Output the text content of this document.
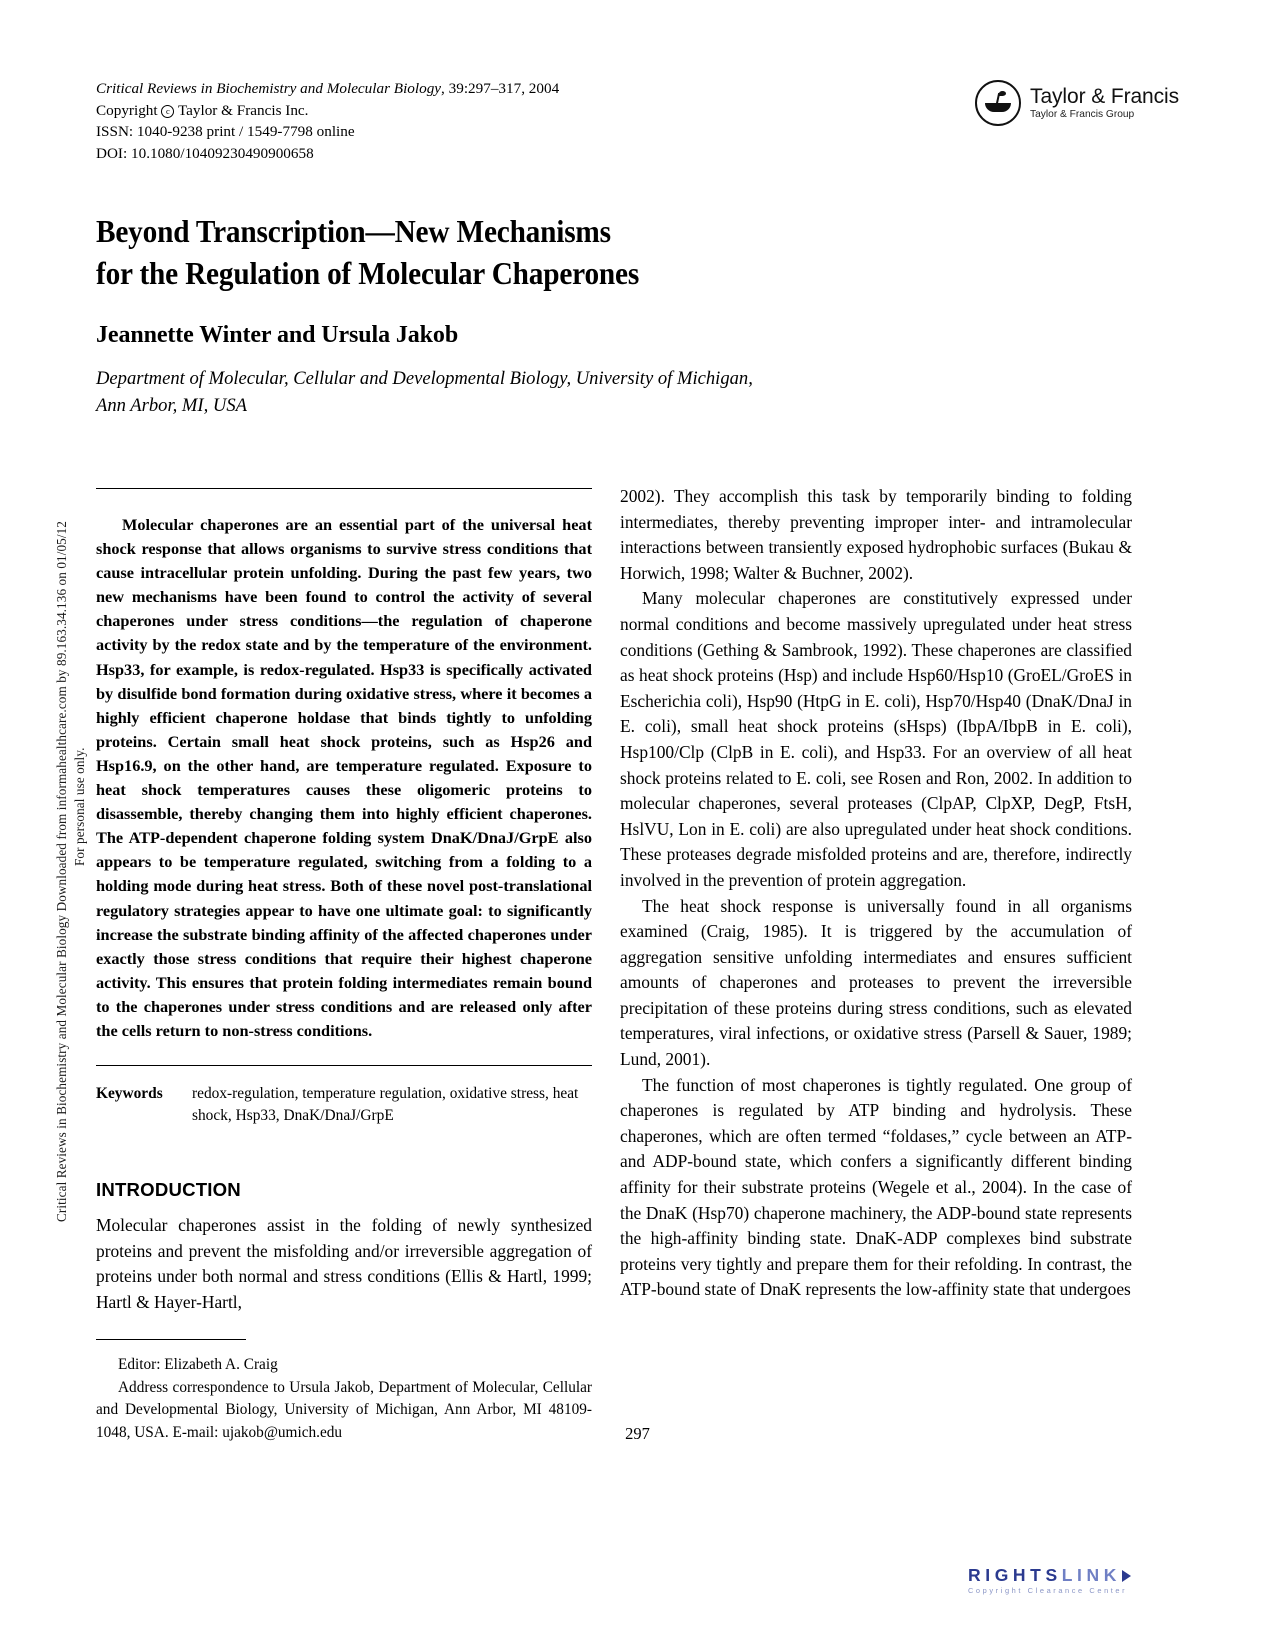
Critical Reviews in Biochemistry and Molecular Biology Downloaded from informahealthcare.com by 89.163.34.136 on 01/05/12 For personal use only.
Critical Reviews in Biochemistry and Molecular Biology, 39:297–317, 2004
Copyright c Taylor & Francis Inc.
ISSN: 1040-9238 print / 1549-7798 online
DOI: 10.1080/10409230490900658
Taylor & Francis
Taylor & Francis Group
Beyond Transcription—New Mechanisms
for the Regulation of Molecular Chaperones
Jeannette Winter and Ursula Jakob
Department of Molecular, Cellular and Developmental Biology, University of Michigan,
Ann Arbor, MI, USA

Molecular chaperones are an essential part of the universal heat shock response that allows organisms to survive stress conditions that cause intracellular protein unfolding. During the past few years, two new mechanisms have been found to control the activity of several chaperones under stress conditions—the regulation of chaperone activity by the redox state and by the temperature of the environment. Hsp33, for example, is redox-regulated. Hsp33 is specifically activated by disulfide bond formation during oxidative stress, where it becomes a highly efficient chaperone holdase that binds tightly to unfolding proteins. Certain small heat shock proteins, such as Hsp26 and Hsp16.9, on the other hand, are temperature regulated. Exposure to heat shock temperatures causes these oligomeric proteins to disassemble, thereby changing them into highly efficient chaperones. The ATP-dependent chaperone folding system DnaK/DnaJ/GrpE also appears to be temperature regulated, switching from a folding to a holding mode during heat stress. Both of these novel post-translational regulatory strategies appear to have one ultimate goal: to significantly increase the substrate binding affinity of the affected chaperones under exactly those stress conditions that require their highest chaperone activity. This ensures that protein folding intermediates remain bound to the chaperones under stress conditions and are released only after the cells return to non-stress conditions.

Keywords	redox-regulation, temperature regulation, oxidative stress, heat shock, Hsp33, DnaK/DnaJ/GrpE
INTRODUCTION

Molecular chaperones assist in the folding of newly synthesized proteins and prevent the misfolding and/or irreversible aggregation of proteins under both normal and stress conditions (Ellis & Hartl, 1999; Hartl & Hayer-Hartl,

Editor: Elizabeth A. Craig
Address correspondence to Ursula Jakob, Department of Molecular, Cellular and Developmental Biology, University of Michigan, Ann Arbor, MI 48109-1048, USA. E-mail: ujakob@umich.edu

2002). They accomplish this task by temporarily binding to folding intermediates, thereby preventing improper inter- and intramolecular interactions between transiently exposed hydrophobic surfaces (Bukau & Horwich, 1998; Walter & Buchner, 2002).

Many molecular chaperones are constitutively expressed under normal conditions and become massively upregulated under heat stress conditions (Gething & Sambrook, 1992). These chaperones are classified as heat shock proteins (Hsp) and include Hsp60/Hsp10 (GroEL/GroES in Escherichia coli), Hsp90 (HtpG in E. coli), Hsp70/Hsp40 (DnaK/DnaJ in E. coli), small heat shock proteins (sHsps) (IbpA/IbpB in E. coli), Hsp100/Clp (ClpB in E. coli), and Hsp33. For an overview of all heat shock proteins related to E. coli, see Rosen and Ron, 2002. In addition to molecular chaperones, several proteases (ClpAP, ClpXP, DegP, FtsH, HslVU, Lon in E. coli) are also upregulated under heat shock conditions. These proteases degrade misfolded proteins and are, therefore, indirectly involved in the prevention of protein aggregation.

The heat shock response is universally found in all organisms examined (Craig, 1985). It is triggered by the accumulation of aggregation sensitive unfolding intermediates and ensures sufficient amounts of chaperones and proteases to prevent the irreversible precipitation of these proteins during stress conditions, such as elevated temperatures, viral infections, or oxidative stress (Parsell & Sauer, 1989; Lund, 2001).

The function of most chaperones is tightly regulated. One group of chaperones is regulated by ATP binding and hydrolysis. These chaperones, which are often termed “foldases,” cycle between an ATP- and ADP-bound state, which confers a significantly different binding affinity for their substrate proteins (Wegele et al., 2004). In the case of the DnaK (Hsp70) chaperone machinery, the ADP-bound state represents the high-affinity binding state. DnaK-ADP complexes bind substrate proteins very tightly and prepare them for their refolding. In contrast, the ATP-bound state of DnaK represents the low-affinity state that undergoes

297
RIGHTSLINK
Copyright Clearance Center
